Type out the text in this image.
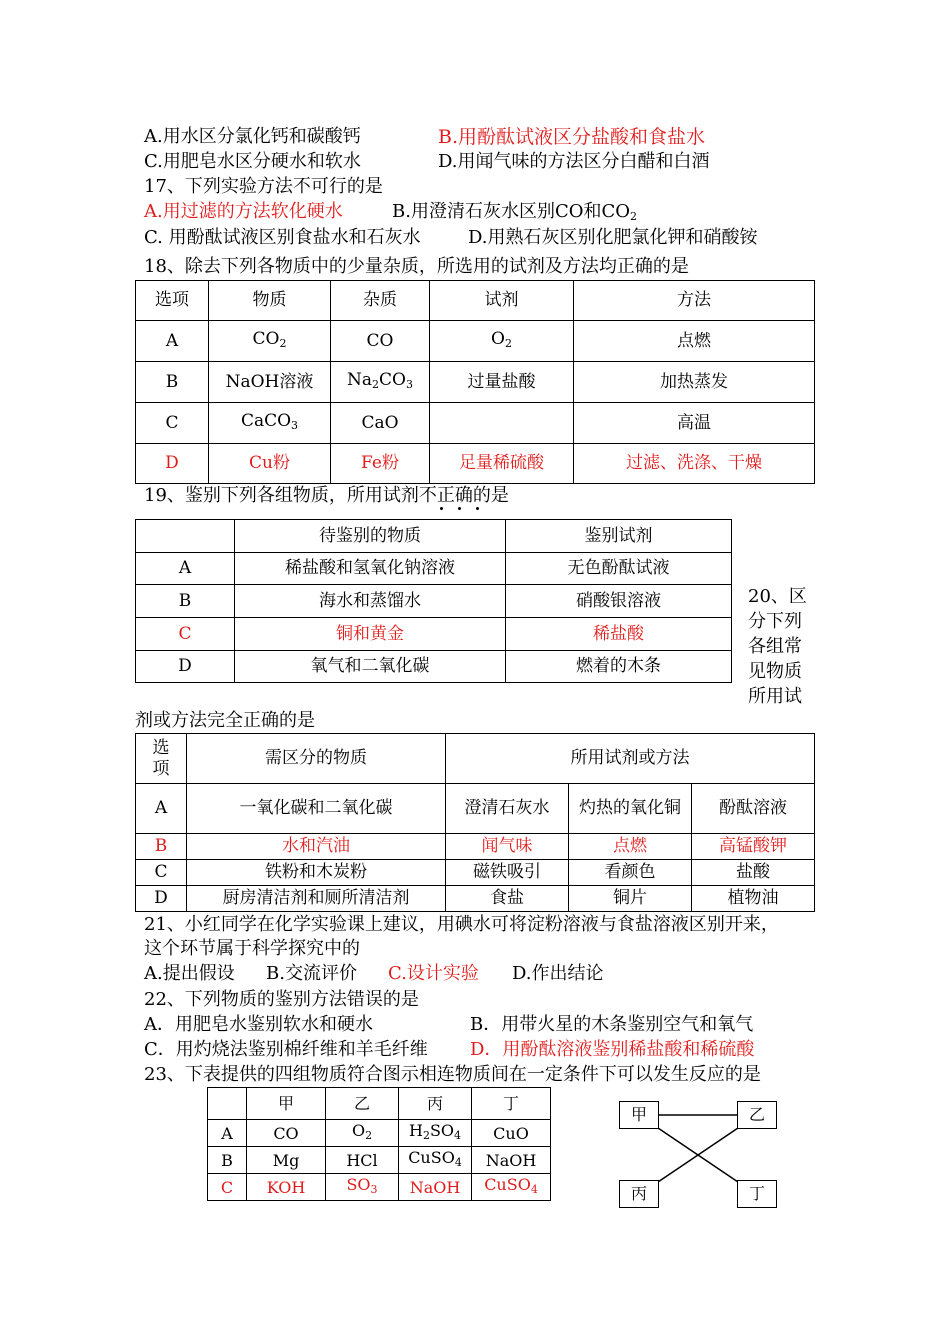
A.用水区分氯化钙和碳酸钙	B.用酚酞试液区分盐酸和食盐水
C.用肥皂水区分硬水和软水	D.用闻气味的方法区分白醋和白酒
17、下列实验方法不可行的是
A.用过滤的方法软化硬水	B.用澄清石灰水区别CO和$CO_2$
C. 用酚酞试液区别食盐水和石灰水	D.用熟石灰区别化肥氯化钾和硝酸铵
18、除去下列各物质中的少量杂质，所选用的试剂及方法均正确的是
选项	物质	杂质	试剂	方法
A	$CO_2$	CO	$O_2$	点燃
B	NaOH溶液	$Na_2CO_3$	过量盐酸	加热蒸发
C	CaCO$_3$	CaO		高温
D	Cu粉	Fe粉	足量稀硫酸	过滤、洗涤、干燥
19、鉴别下列各组物质，所用试剂不正确的是
	待鉴别的物质	鉴别试剂
A	稀盐酸和氢氧化钠溶液	无色酚酞试液
B	海水和蒸馏水	硝酸银溶液
C	铜和黄金	稀盐酸
D	氧气和二氧化碳	燃着的木条
20、区
分下列
各组常
见物质
所用试
剂或方法完全正确的是
选项	需区分的物质	所用试剂或方法		
A	一氧化碳和二氧化碳	澄清石灰水	灼热的氧化铜	酚酞溶液
B	水和汽油	闻气味	点燃	高锰酸钾
C	铁粉和木炭粉	磁铁吸引	看颜色	盐酸
D	厨房清洁剂和厕所清洁剂	食盐	铜片	植物油
21、小红同学在化学实验课上建议，用碘水可将淀粉溶液与食盐溶液区别开来，
这个环节属于科学探究中的
A.提出假设 B.交流评价 C.设计实验 D.作出结论
22、下列物质的鉴别方法错误的是
A．用肥皂水鉴别软水和硬水	B．用带火星的木条鉴别空气和氧气
C．用灼烧法鉴别棉纤维和羊毛纤维 D．用酚酞溶液鉴别稀盐酸和稀硫酸
23、下表提供的四组物质符合图示相连物质间在一定条件下可以发生反应的是
	甲	乙	丙	丁
A	CO	$O_2$	$H_2SO_4$	CuO
B	Mg	HCl	CuSO$_4$	NaOH
C	KOH	$SO_3$	NaOH	CuSO$_4$
甲	乙
丙	丁
